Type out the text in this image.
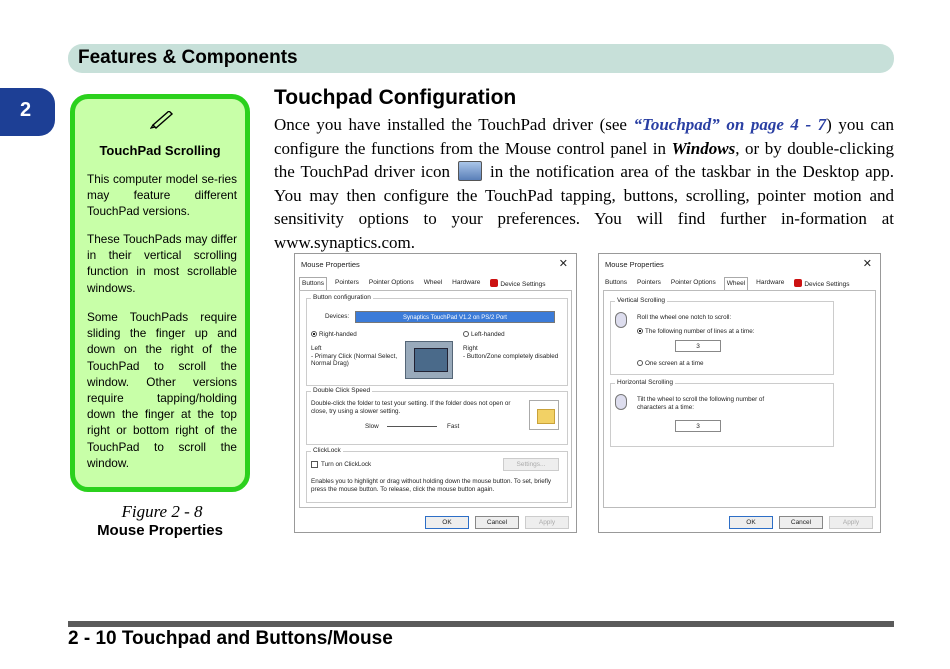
Features & Components
2
TouchPad Scrolling

This computer model se-ries may feature different TouchPad versions.

These TouchPads may differ in their vertical scrolling function in most scrollable windows.

Some TouchPads require sliding the finger up and down on the right of the TouchPad to scroll the window. Other versions require tapping/holding down the finger at the top right or bottom right of the TouchPad to scroll the window.

Figure 2 - 8
Mouse Properties
Touchpad Configuration

Once you have installed the TouchPad driver (see “Touchpad” on page 4 - 7) you can configure the functions from the Mouse control panel in Windows, or by double-clicking the TouchPad driver icon  in the notification area of the taskbar in the Desktop app. You may then configure the TouchPad tapping, buttons, scrolling, pointer motion and sensitivity options to your preferences. You will find further in-formation at www.synaptics.com.

Mouse Properties	✕
Buttons	Pointers	Pointer Options	Wheel	Hardware	Device Settings
Button configuration
Devices:	Synaptics TouchPad V1.2 on PS/2 Port
Right-handed	Left-handed
Left
- Primary Click (Normal Select, Normal Drag)
Right
- Button/Zone completely disabled
Double Click Speed
Double-click the folder to test your setting. If the folder does not open or close, try using a slower setting.
Slow	Fast
ClickLock
Turn on ClickLock	Settings...
Enables you to highlight or drag without holding down the mouse button. To set, briefly press the mouse button. To release, click the mouse button again.
OK	Cancel	Apply
Mouse Properties	✕
Buttons	Pointers	Pointer Options	Wheel	Hardware	Device Settings
Vertical Scrolling
Roll the wheel one notch to scroll:
The following number of lines at a time:
3
One screen at a time
Horizontal Scrolling
Tilt the wheel to scroll the following number of characters at a time:
3
OK	Cancel	Apply
2 - 10 Touchpad and Buttons/Mouse
